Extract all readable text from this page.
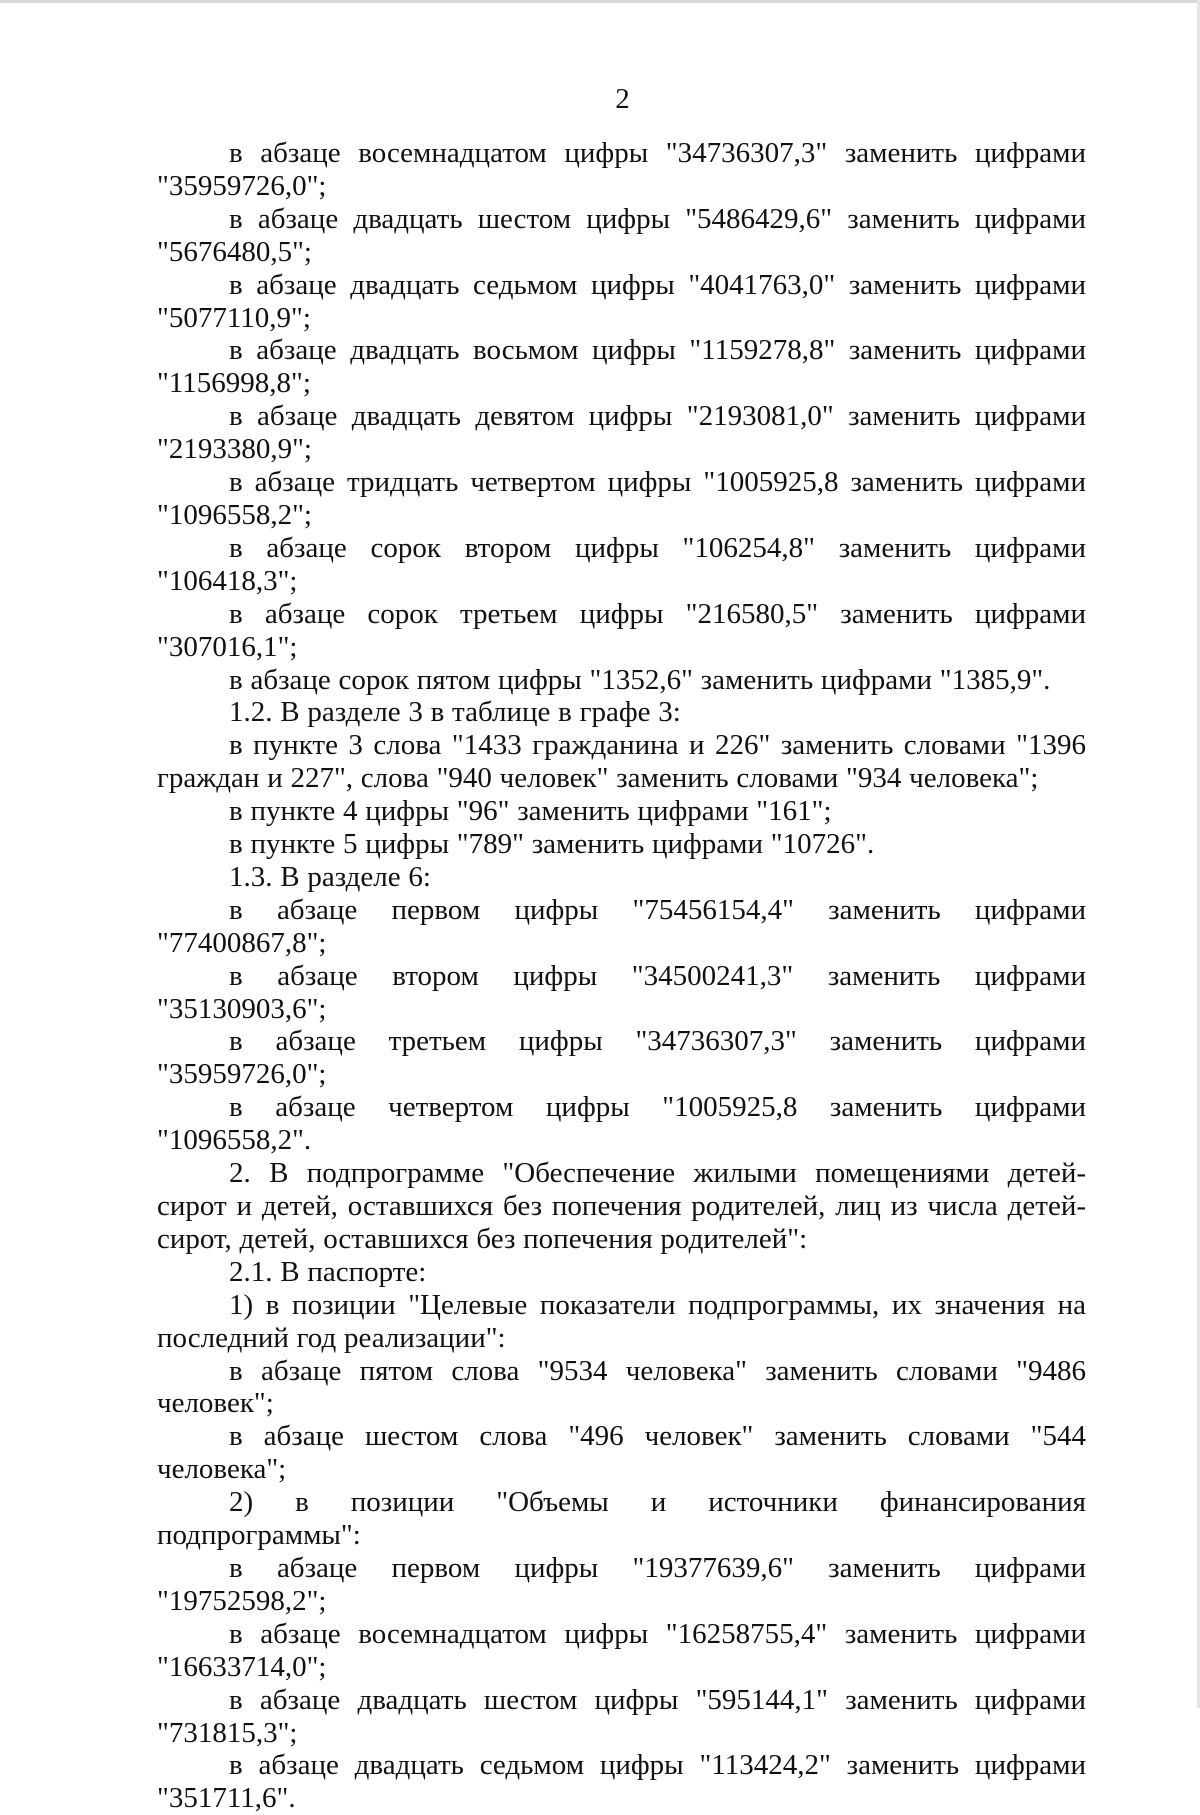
2

в абзаце восемнадцатом цифры "34736307,3" заменить цифрами "35959726,0";

в абзаце двадцать шестом цифры "5486429,6" заменить цифрами "5676480,5";

в абзаце двадцать седьмом цифры "4041763,0" заменить цифрами "5077110,9";

в абзаце двадцать восьмом цифры "1159278,8" заменить цифрами "1156998,8";

в абзаце двадцать девятом цифры "2193081,0" заменить цифрами "2193380,9";

в абзаце тридцать четвертом цифры "1005925,8 заменить цифрами "1096558,2";

в абзаце сорок втором цифры "106254,8" заменить цифрами "106418,3";

в абзаце сорок третьем цифры "216580,5" заменить цифрами "307016,1";

в абзаце сорок пятом цифры "1352,6" заменить цифрами "1385,9".

1.2. В разделе 3 в таблице в графе 3:

в пункте 3 слова "1433 гражданина и 226" заменить словами "1396 граждан и 227", слова "940 человек" заменить словами "934 человека";

в пункте 4 цифры "96" заменить цифрами "161";

в пункте 5 цифры "789" заменить цифрами "10726".

1.3. В разделе 6:

в абзаце первом цифры "75456154,4" заменить цифрами "77400867,8";

в абзаце втором цифры "34500241,3" заменить цифрами "35130903,6";

в абзаце третьем цифры "34736307,3" заменить цифрами "35959726,0";

в абзаце четвертом цифры "1005925,8 заменить цифрами "1096558,2".

2. В подпрограмме "Обеспечение жилыми помещениями детей-сирот и детей, оставшихся без попечения родителей, лиц из числа детей-сирот, детей, оставшихся без попечения родителей":

2.1. В паспорте:

1) в позиции "Целевые показатели подпрограммы, их значения на последний год реализации":

в абзаце пятом слова "9534 человека" заменить словами "9486 человек";

в абзаце шестом слова "496 человек" заменить словами "544 человека";

2) в позиции "Объемы и источники финансирования подпрограммы":

в абзаце первом цифры "19377639,6" заменить цифрами "19752598,2";

в абзаце восемнадцатом цифры "16258755,4" заменить цифрами "16633714,0";

в абзаце двадцать шестом цифры "595144,1" заменить цифрами "731815,3";

в абзаце двадцать седьмом цифры "113424,2" заменить цифрами "351711,6".
